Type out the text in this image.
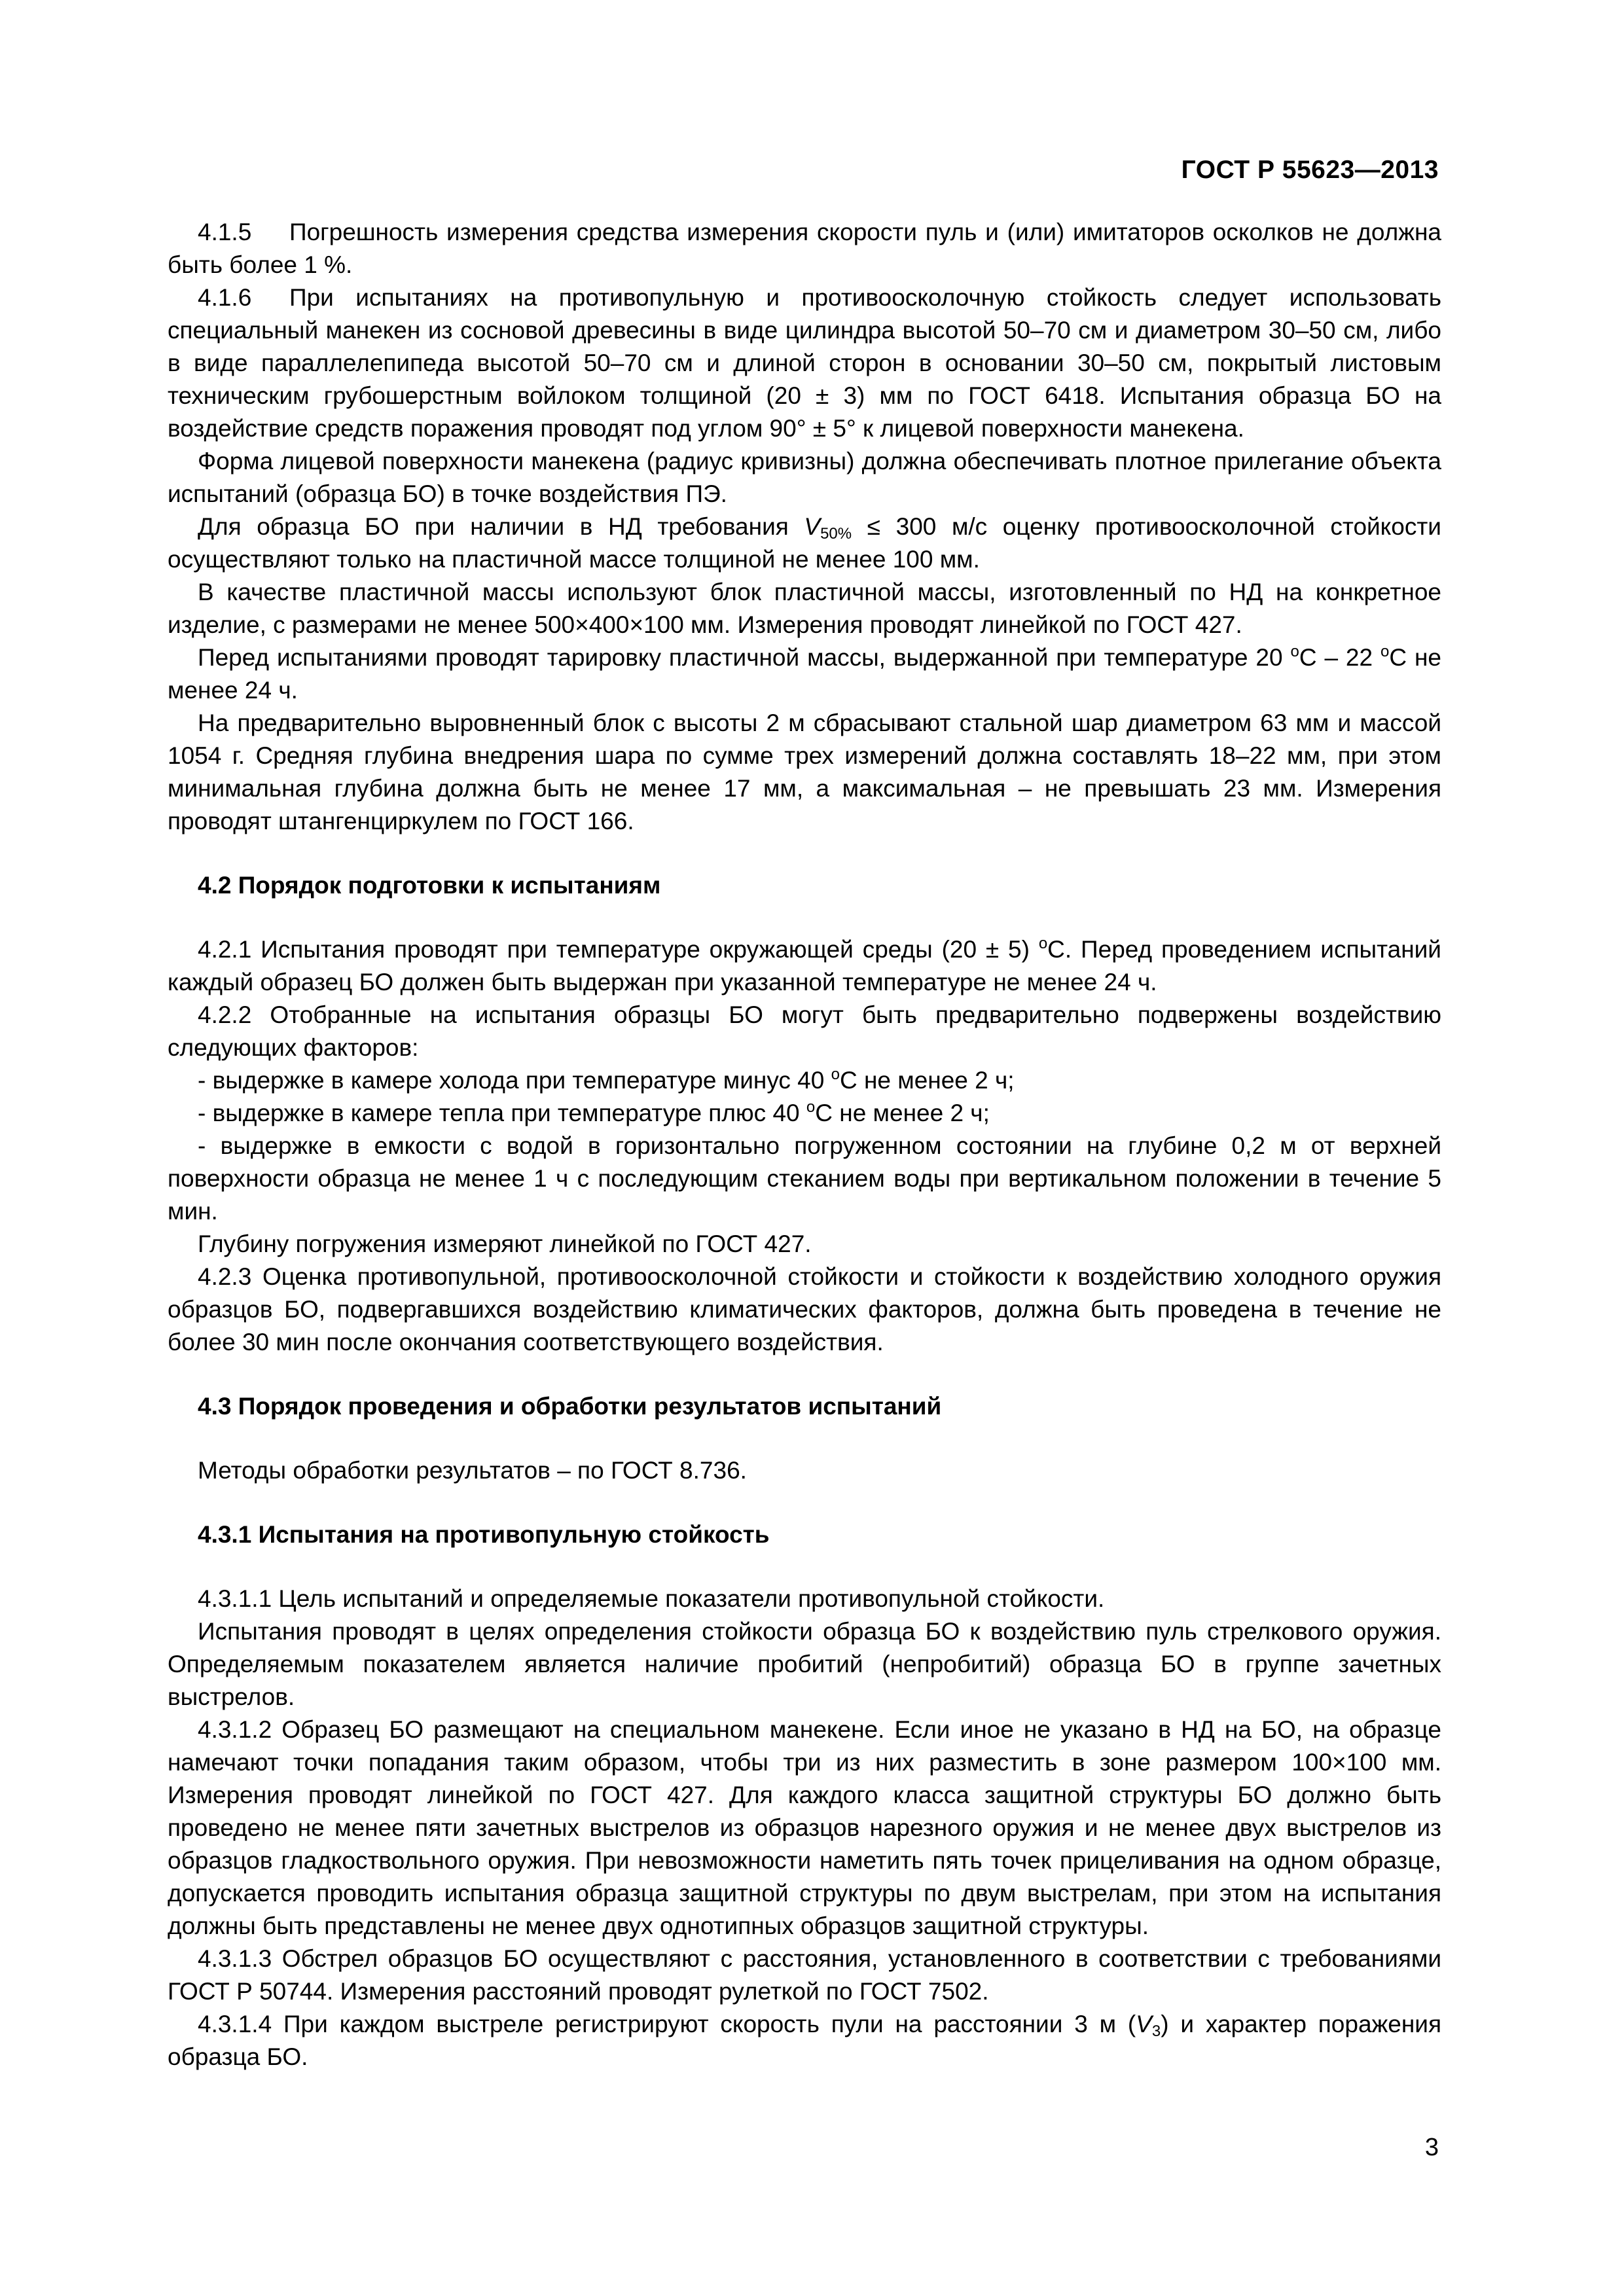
ГОСТ Р 55623—2013

4.1.5 Погрешность измерения средства измерения скорости пуль и (или) имитаторов осколков не должна быть более 1 %.

4.1.6 При испытаниях на противопульную и противоосколочную стойкость следует использовать специальный манекен из сосновой древесины в виде цилиндра высотой 50–70 см и диаметром 30–50 см, либо в виде параллелепипеда высотой 50–70 см и длиной сторон в основании 30–50 см, покрытый листовым техническим грубошерстным войлоком толщиной (20 ± 3) мм по ГОСТ 6418. Испытания образца БО на воздействие средств поражения проводят под углом 90° ± 5° к лицевой поверхности манекена.

Форма лицевой поверхности манекена (радиус кривизны) должна обеспечивать плотное прилегание объекта испытаний (образца БО) в точке воздействия ПЭ.

Для образца БО при наличии в НД требования $V_{50\%} \le 300$ м/с оценку противоосколочной стойкости осуществляют только на пластичной массе толщиной не менее 100 мм.

В качестве пластичной массы используют блок пластичной массы, изготовленный по НД на конкретное изделие, с размерами не менее 500×400×100 мм. Измерения проводят линейкой по ГОСТ 427.

Перед испытаниями проводят тарировку пластичной массы, выдержанной при температуре 20 $^о$С – 22 $^о$С не менее 24 ч.

На предварительно выровненный блок с высоты 2 м сбрасывают стальной шар диаметром 63 мм и массой 1054 г. Средняя глубина внедрения шара по сумме трех измерений должна составлять 18–22 мм, при этом минимальная глубина должна быть не менее 17 мм, а максимальная – не превышать 23 мм. Измерения проводят штангенциркулем по ГОСТ 166.

4.2 Порядок подготовки к испытаниям

4.2.1 Испытания проводят при температуре окружающей среды (20 ± 5) $^о$С. Перед проведением испытаний каждый образец БО должен быть выдержан при указанной температуре не менее 24 ч.

4.2.2 Отобранные на испытания образцы БО могут быть предварительно подвержены воздействию следующих факторов:

- выдержке в камере холода при температуре минус 40 $^о$С не менее 2 ч;

- выдержке в камере тепла при температуре плюс 40 $^о$С не менее 2 ч;

- выдержке в емкости с водой в горизонтально погруженном состоянии на глубине 0,2 м от верхней поверхности образца не менее 1 ч с последующим стеканием воды при вертикальном положении в течение 5 мин.

Глубину погружения измеряют линейкой по ГОСТ 427.

4.2.3 Оценка противопульной, противоосколочной стойкости и стойкости к воздействию холодного оружия образцов БО, подвергавшихся воздействию климатических факторов, должна быть проведена в течение не более 30 мин после окончания соответствующего воздействия.

4.3 Порядок проведения и обработки результатов испытаний

Методы обработки результатов – по ГОСТ 8.736.

4.3.1 Испытания на противопульную стойкость

4.3.1.1 Цель испытаний и определяемые показатели противопульной стойкости.

Испытания проводят в целях определения стойкости образца БО к воздействию пуль стрелкового оружия. Определяемым показателем является наличие пробитий (непробитий) образца БО в группе зачетных выстрелов.

4.3.1.2 Образец БО размещают на специальном манекене. Если иное не указано в НД на БО, на образце намечают точки попадания таким образом, чтобы три из них разместить в зоне размером 100×100 мм. Измерения проводят линейкой по ГОСТ 427. Для каждого класса защитной структуры БО должно быть проведено не менее пяти зачетных выстрелов из образцов нарезного оружия и не менее двух выстрелов из образцов гладкоствольного оружия. При невозможности наметить пять точек прицеливания на одном образце, допускается проводить испытания образца защитной структуры по двум выстрелам, при этом на испытания должны быть представлены не менее двух однотипных образцов защитной структуры.

4.3.1.3 Обстрел образцов БО осуществляют с расстояния, установленного в соответствии с требованиями ГОСТ Р 50744. Измерения расстояний проводят рулеткой по ГОСТ 7502.

4.3.1.4 При каждом выстреле регистрируют скорость пули на расстоянии 3 м $(V_3)$ и характер поражения образца БО.

3
